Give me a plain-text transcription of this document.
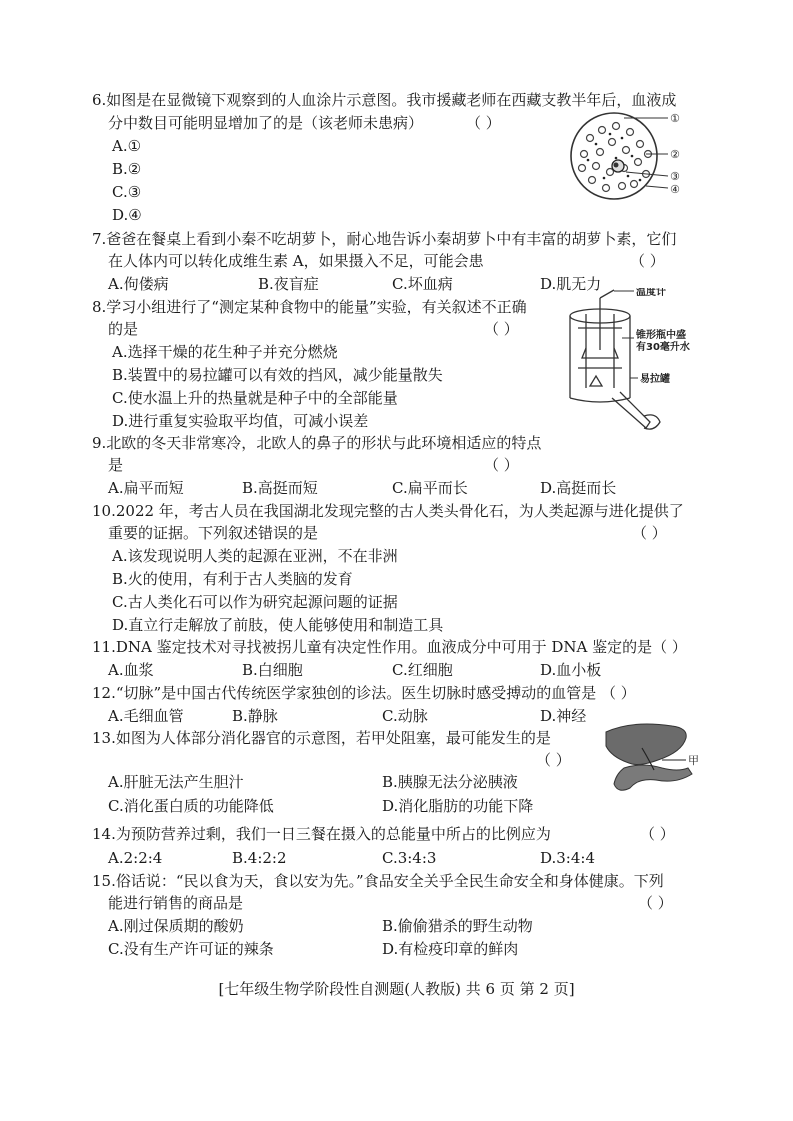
6.如图是在显微镜下观察到的人血涂片示意图。我市援藏老师在西藏支教半年后，血液成
分中数目可能明显增加了的是（该老师未患病）	（ ）
A.①
B.②
C.③
D.④
①
②
③
④
7.爸爸在餐桌上看到小秦不吃胡萝卜，耐心地告诉小秦胡萝卜中有丰富的胡萝卜素，它们
在人体内可以转化成维生素 A，如果摄入不足，可能会患	（ ）
A.佝偻病	B.夜盲症	C.坏血病	D.肌无力
8.学习小组进行了“测定某种食物中的能量”实验，有关叙述不正确
的是	（ ）
A.选择干燥的花生种子并充分燃烧
B.装置中的易拉罐可以有效的挡风，减少能量散失
C.使水温上升的热量就是种子中的全部能量
D.进行重复实验取平均值，可减小误差
温度计
锥形瓶中盛
有30毫升水
易拉罐
9.北欧的冬天非常寒冷，北欧人的鼻子的形状与此环境相适应的特点
是	（ ）
A.扁平而短	B.高挺而短	C.扁平而长	D.高挺而长
10.2022 年，考古人员在我国湖北发现完整的古人类头骨化石，为人类起源与进化提供了
重要的证据。下列叙述错误的是	（ ）
A.该发现说明人类的起源在亚洲，不在非洲
B.火的使用，有利于古人类脑的发育
C.古人类化石可以作为研究起源问题的证据
D.直立行走解放了前肢，使人能够使用和制造工具
11.DNA 鉴定技术对寻找被拐儿童有决定性作用。血液成分中可用于 DNA 鉴定的是（ ）
A.血浆	B.白细胞	C.红细胞	D.血小板
12.“切脉”是中国古代传统医学家独创的诊法。医生切脉时感受搏动的血管是 （ ）
A.毛细血管	B.静脉	C.动脉	D.神经
13.如图为人体部分消化器官的示意图，若甲处阻塞，最可能发生的是
（ ）
A.肝脏无法产生胆汁	B.胰腺无法分泌胰液
C.消化蛋白质的功能降低	D.消化脂肪的功能下降
甲
14.为预防营养过剩，我们一日三餐在摄入的总能量中所占的比例应为	（ ）
A.2:2:4	B.4:2:2	C.3:4:3	D.3:4:4
15.俗话说：“民以食为天，食以安为先。”食品安全关乎全民生命安全和身体健康。下列
能进行销售的商品是	（ ）
A.刚过保质期的酸奶	B.偷偷猎杀的野生动物
C.没有生产许可证的辣条	D.有检疫印章的鲜肉
[七年级生物学阶段性自测题(人教版) 共 6 页 第 2 页]
